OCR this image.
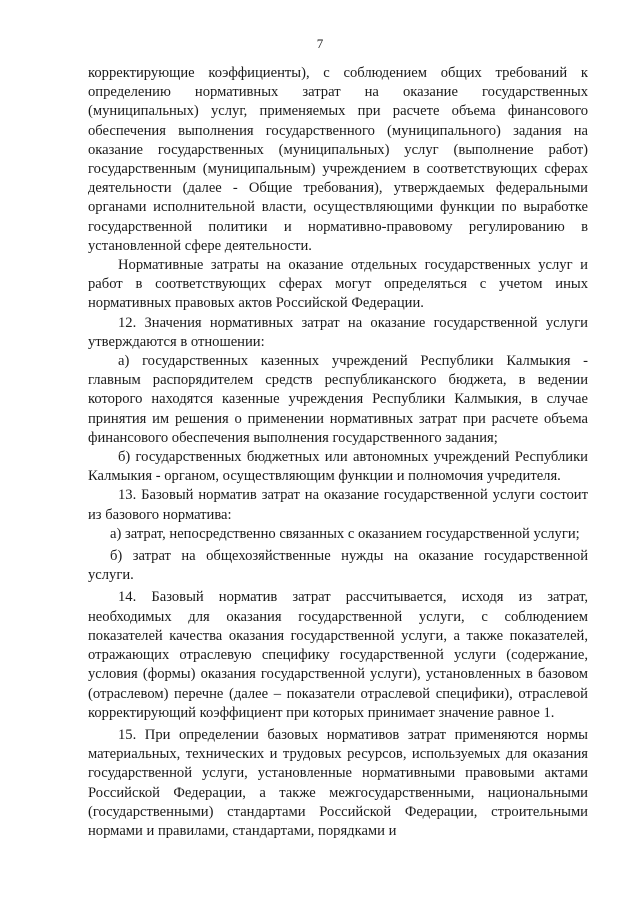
7

корректирующие коэффициенты), с соблюдением общих требований к определению нормативных затрат на оказание государственных (муниципальных) услуг, применяемых при расчете объема финансового обеспечения выполнения государственного (муниципального) задания на оказание государственных (муниципальных) услуг (выполнение работ) государственным (муниципальным) учреждением в соответствующих сферах деятельности (далее - Общие требования), утверждаемых федеральными органами исполнительной власти, осуществляющими функции по выработке государственной политики и нормативно-правовому регулированию в установленной сфере деятельности.

Нормативные затраты на оказание отдельных государственных услуг и работ в соответствующих сферах могут определяться с учетом иных нормативных правовых актов Российской Федерации.

12. Значения нормативных затрат на оказание государственной услуги утверждаются в отношении:

а) государственных казенных учреждений Республики Калмыкия - главным распорядителем средств республиканского бюджета, в ведении которого находятся казенные учреждения Республики Калмыкия, в случае принятия им решения о применении нормативных затрат при расчете объема финансового обеспечения выполнения государственного задания;

б) государственных бюджетных или автономных учреждений Республики Калмыкия - органом, осуществляющим функции и полномочия учредителя.

13. Базовый норматив затрат на оказание государственной услуги состоит из базового норматива:

а) затрат, непосредственно связанных с оказанием государственной услуги;

б) затрат на общехозяйственные нужды на оказание государственной услуги.

14. Базовый норматив затрат рассчитывается, исходя из затрат, необходимых для оказания государственной услуги, с соблюдением показателей качества оказания государственной услуги, а также показателей, отражающих отраслевую специфику государственной услуги (содержание, условия (формы) оказания государственной услуги), установленных в базовом (отраслевом) перечне (далее – показатели отраслевой специфики), отраслевой корректирующий коэффициент при которых принимает значение равное 1.

15. При определении базовых нормативов затрат применяются нормы материальных, технических и трудовых ресурсов, используемых для оказания государственной услуги, установленные нормативными правовыми актами Российской Федерации, а также межгосударственными, национальными (государственными) стандартами Российской Федерации, строительными нормами и правилами, стандартами, порядками и
